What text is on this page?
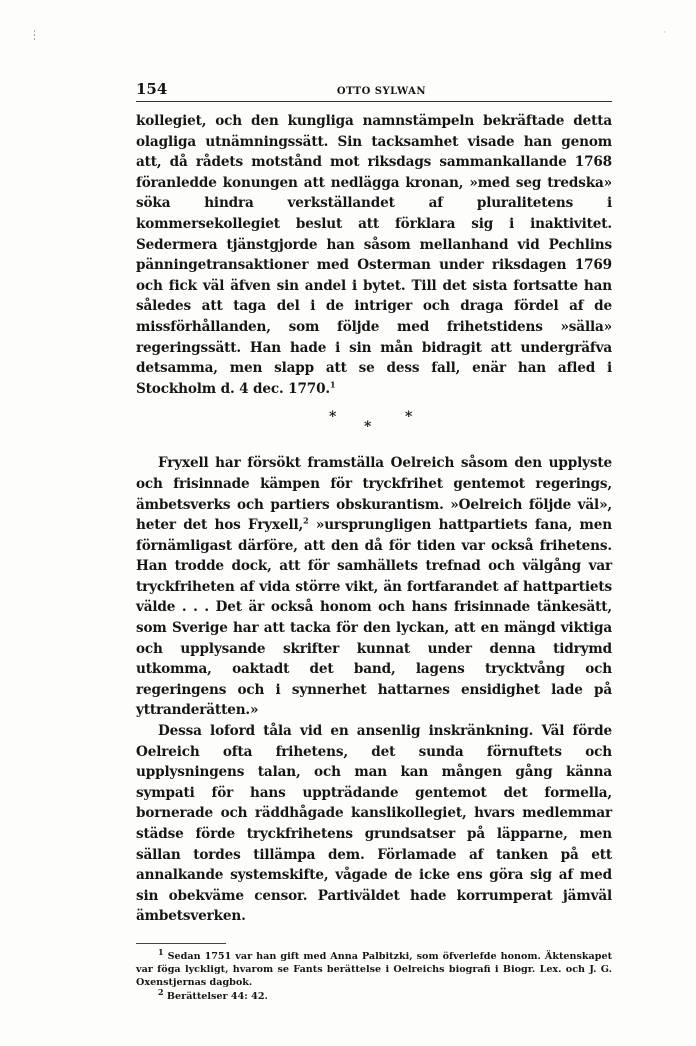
·
154	OTTO SYLWAN

kollegiet, och den kungliga namnstämpeln bekräftade detta olagliga utnämningssätt. Sin tacksamhet visade han genom att, då rådets motstånd mot riksdags sammankallande 1768 föranledde konungen att nedlägga kronan, »med seg tredska» söka hindra verkställandet af pluralitetens i kommersekollegiet beslut att förklara sig i inaktivitet. Sedermera tjänstgjorde han såsom mellanhand vid Pechlins pänningetransaktioner med Osterman under riksdagen 1769 och fick väl äfven sin andel i bytet. Till det sista fortsatte han således att taga del i de intriger och draga fördel af de missförhållanden, som följde med frihetstidens »sälla» regeringssätt. Han hade i sin mån bidragit att undergräfva detsamma, men slapp att se dess fall, enär han afled i Stockholm d. 4 dec. 1770.$^1$

*
*
*

Fryxell har försökt framställa Oelreich såsom den upplyste och frisinnade kämpen för tryckfrihet gentemot regerings, ämbetsverks och partiers obskurantism. »Oelreich följde väl», heter det hos Fryxell,$^2$ »ursprungligen hattpartiets fana, men förnämligast därföre, att den då för tiden var också frihetens. Han trodde dock, att för samhällets trefnad och välgång var tryckfriheten af vida större vikt, än fortfarandet af hattpartiets välde . . . Det är också honom och hans frisinnade tänkesätt, som Sverige har att tacka för den lyckan, att en mängd viktiga och upplysande skrifter kunnat under denna tidrymd utkomma, oaktadt det band, lagens trycktvång och regeringens och i synnerhet hattarnes ensidighet lade på yttranderätten.»

Dessa loford tåla vid en ansenlig inskränkning. Väl förde Oelreich ofta frihetens, det sunda förnuftets och upplysningens talan, och man kan mången gång känna sympati för hans uppträdande gentemot det formella, bornerade och räddhågade kanslikollegiet, hvars medlemmar städse förde tryckfrihetens grundsatser på läpparne, men sällan tordes tillämpa dem. Förlamade af tanken på ett annalkande systemskifte, vågade de icke ens göra sig af med sin obekväme censor. Partiväldet hade korrumperat jämväl ämbetsverken.

$^1$ Sedan 1751 var han gift med Anna Palbitzki, som öfverlefde honom. Äktenskapet var föga lyckligt, hvarom se Fants berättelse i Oelreichs biografi i Biogr. Lex. och J. G. Oxenstjernas dagbok.

$^2$ Berättelser 44: 42.
